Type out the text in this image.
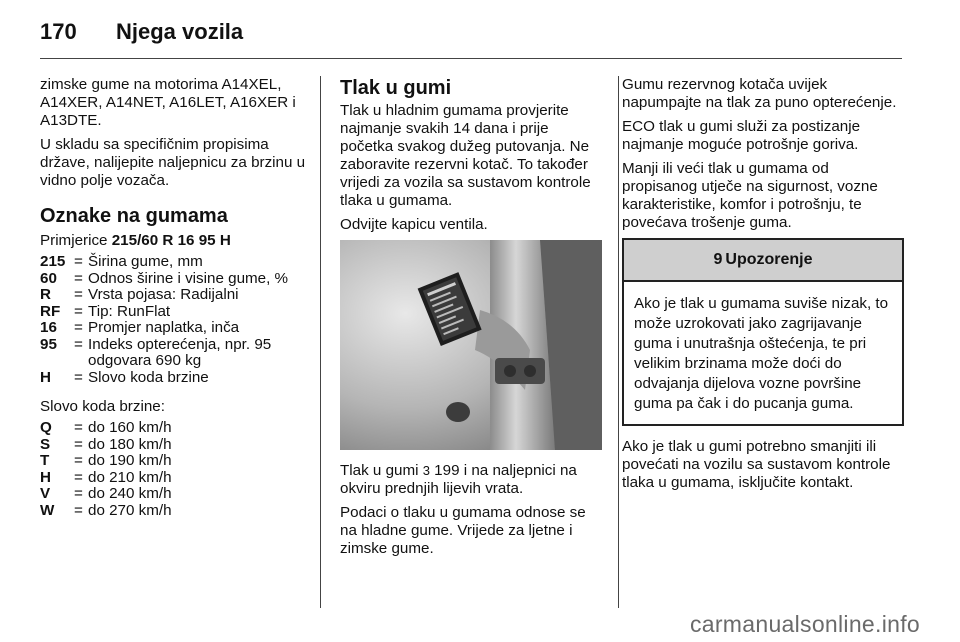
170	Njega vozila

zimske gume na motorima A14XEL, A14XER, A14NET, A16LET, A16XER i A13DTE.

U skladu sa specifičnim propisima države, nalijepite naljepnicu za brzinu u vidno polje vozača.

Oznake na gumama

Primjerice 215/60 R 16 95 H

215 = Širina gume, mm
60	= Odnos širine i visine gume, %
R	= Vrsta pojasa: Radijalni
RF = Tip: RunFlat
16	= Promjer naplatka, inča
95	= Indeks opterećenja, npr. 95 odgovara 690 kg
H	= Slovo koda brzine

Slovo koda brzine:

Q	= do 160 km/h
S	= do 180 km/h
T	= do 190 km/h
H	= do 210 km/h
V	= do 240 km/h
W	= do 270 km/h
Tlak u gumi

Tlak u hladnim gumama provjerite najmanje svakih 14 dana i prije početka svakog dužeg putovanja. Ne zaboravite rezervni kotač. To također vrijedi za vozila sa sustavom kontrole tlaka u gumama.

Odvijte kapicu ventila.

Tlak u gumi 3 199 i na naljepnici na okviru prednjih lijevih vrata.

Podaci o tlaku u gumama odnose se na hladne gume. Vrijede za ljetne i zimske gume.

Gumu rezervnog kotača uvijek napumpajte na tlak za puno opterećenje.

ECO tlak u gumi služi za postizanje najmanje moguće potrošnje goriva.

Manji ili veći tlak u gumama od propisanog utječe na sigurnost, vozne karakteristike, komfor i potrošnju, te povećava trošenje guma.

9 Upozorenje
Ako je tlak u gumama suviše nizak, to može uzrokovati jako zagrijavanje guma i unutrašnja oštećenja, te pri velikim brzinama može doći do odvajanja dijelova vozne površine guma pa čak i do pucanja guma.

Ako je tlak u gumi potrebno smanjiti ili povećati na vozilu sa sustavom kontrole tlaka u gumama, isključite kontakt.

carmanualsonline.info
